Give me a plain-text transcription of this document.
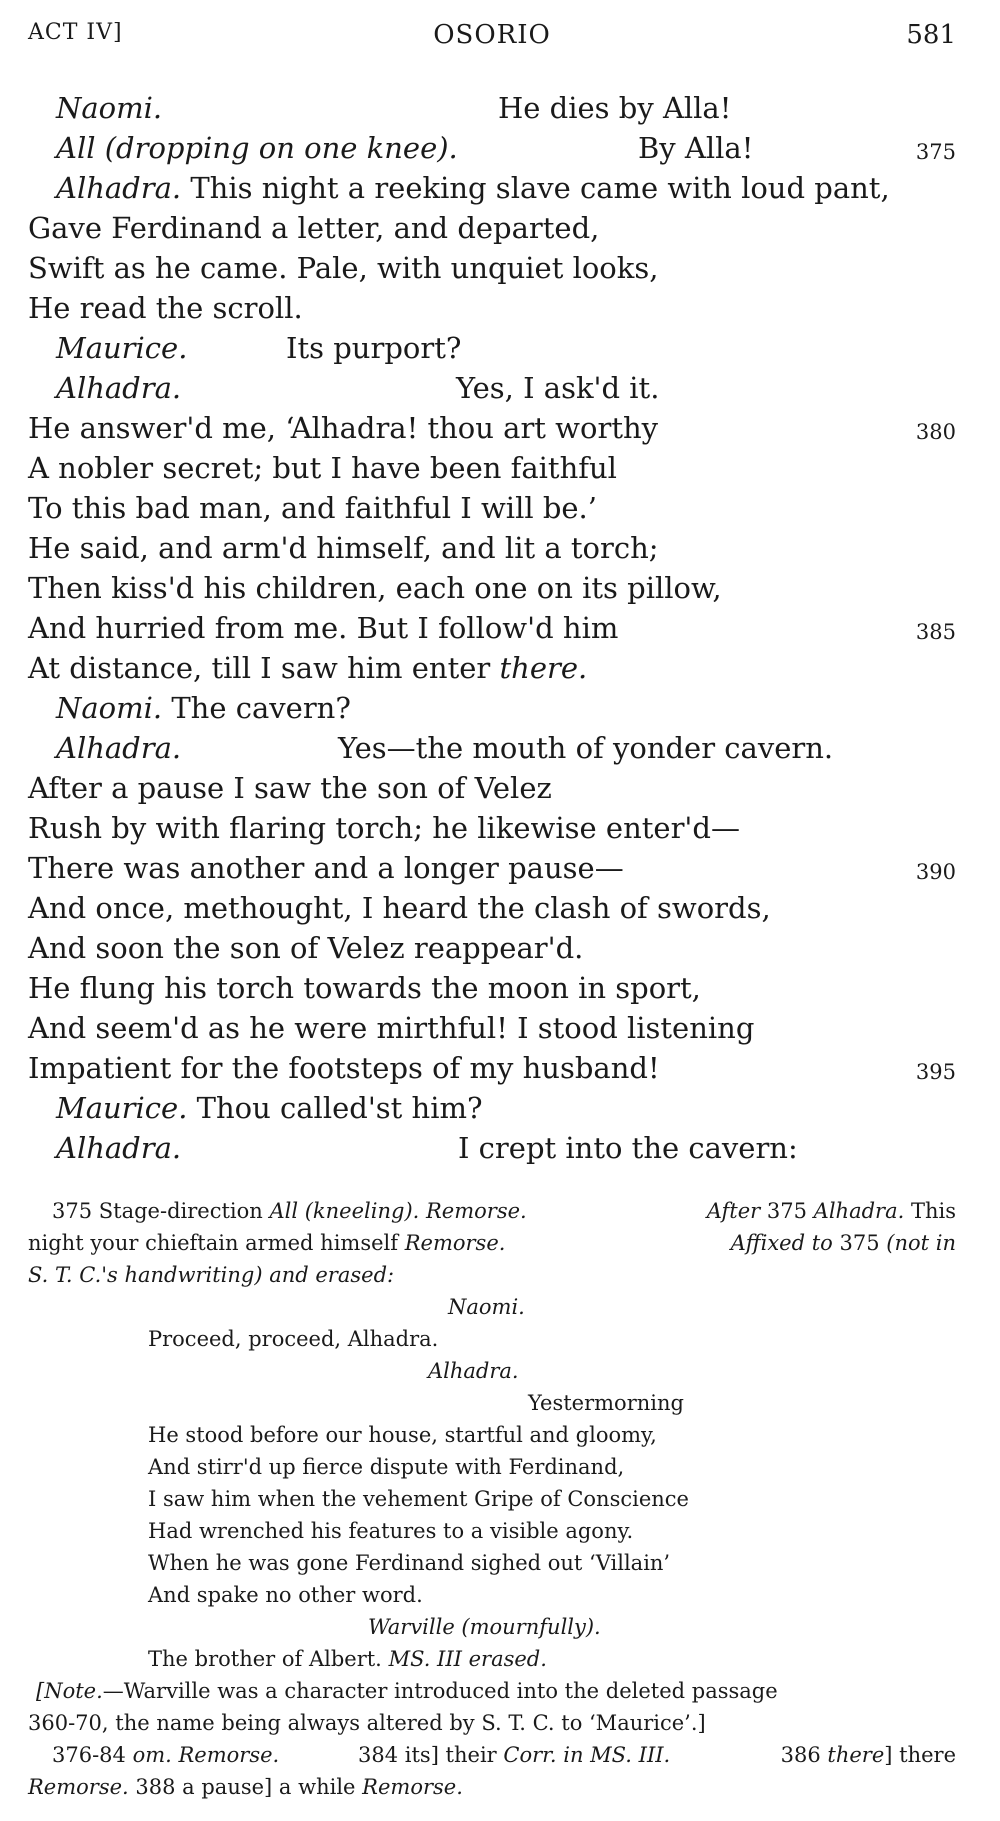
ACT IV]	OSORIO	581
Naomi.	He dies by Alla!
All (dropping on one knee).	By Alla!	375
Alhadra. This night a reeking slave came with loud pant,
Gave Ferdinand a letter, and departed,
Swift as he came. Pale, with unquiet looks,
He read the scroll.
Maurice.	Its purport?
Alhadra.	Yes, I ask'd it.
He answer'd me, ‘Alhadra! thou art worthy	380
A nobler secret; but I have been faithful
To this bad man, and faithful I will be.’
He said, and arm'd himself, and lit a torch;
Then kiss'd his children, each one on its pillow,
And hurried from me. But I follow'd him	385
At distance, till I saw him enter there.
Naomi. The cavern?
Alhadra.	Yes—the mouth of yonder cavern.
After a pause I saw the son of Velez
Rush by with flaring torch; he likewise enter'd—
There was another and a longer pause—	390
And once, methought, I heard the clash of swords,
And soon the son of Velez reappear'd.
He flung his torch towards the moon in sport,
And seem'd as he were mirthful! I stood listening
Impatient for the footsteps of my husband!	395
Maurice. Thou called'st him?
Alhadra.	I crept into the cavern:
375 Stage-direction All (kneeling). Remorse.	After 375 Alhadra. This
night your chieftain armed himself Remorse.	Affixed to 375 (not in
S. T. C.'s handwriting) and erased:
Naomi.
Proceed, proceed, Alhadra.
Alhadra.
Yestermorning
He stood before our house, startful and gloomy,
And stirr'd up fierce dispute with Ferdinand,
I saw him when the vehement Gripe of Conscience
Had wrenched his features to a visible agony.
When he was gone Ferdinand sighed out ‘Villain’
And spake no other word.
Warville (mournfully).
The brother of Albert. MS. III erased.
[Note.—Warville was a character introduced into the deleted passage
360-70, the name being always altered by S. T. C. to ‘Maurice’.]
376-84 om. Remorse.	384 its] their Corr. in MS. III.	386 there] there
Remorse. 388 a pause] a while Remorse.
